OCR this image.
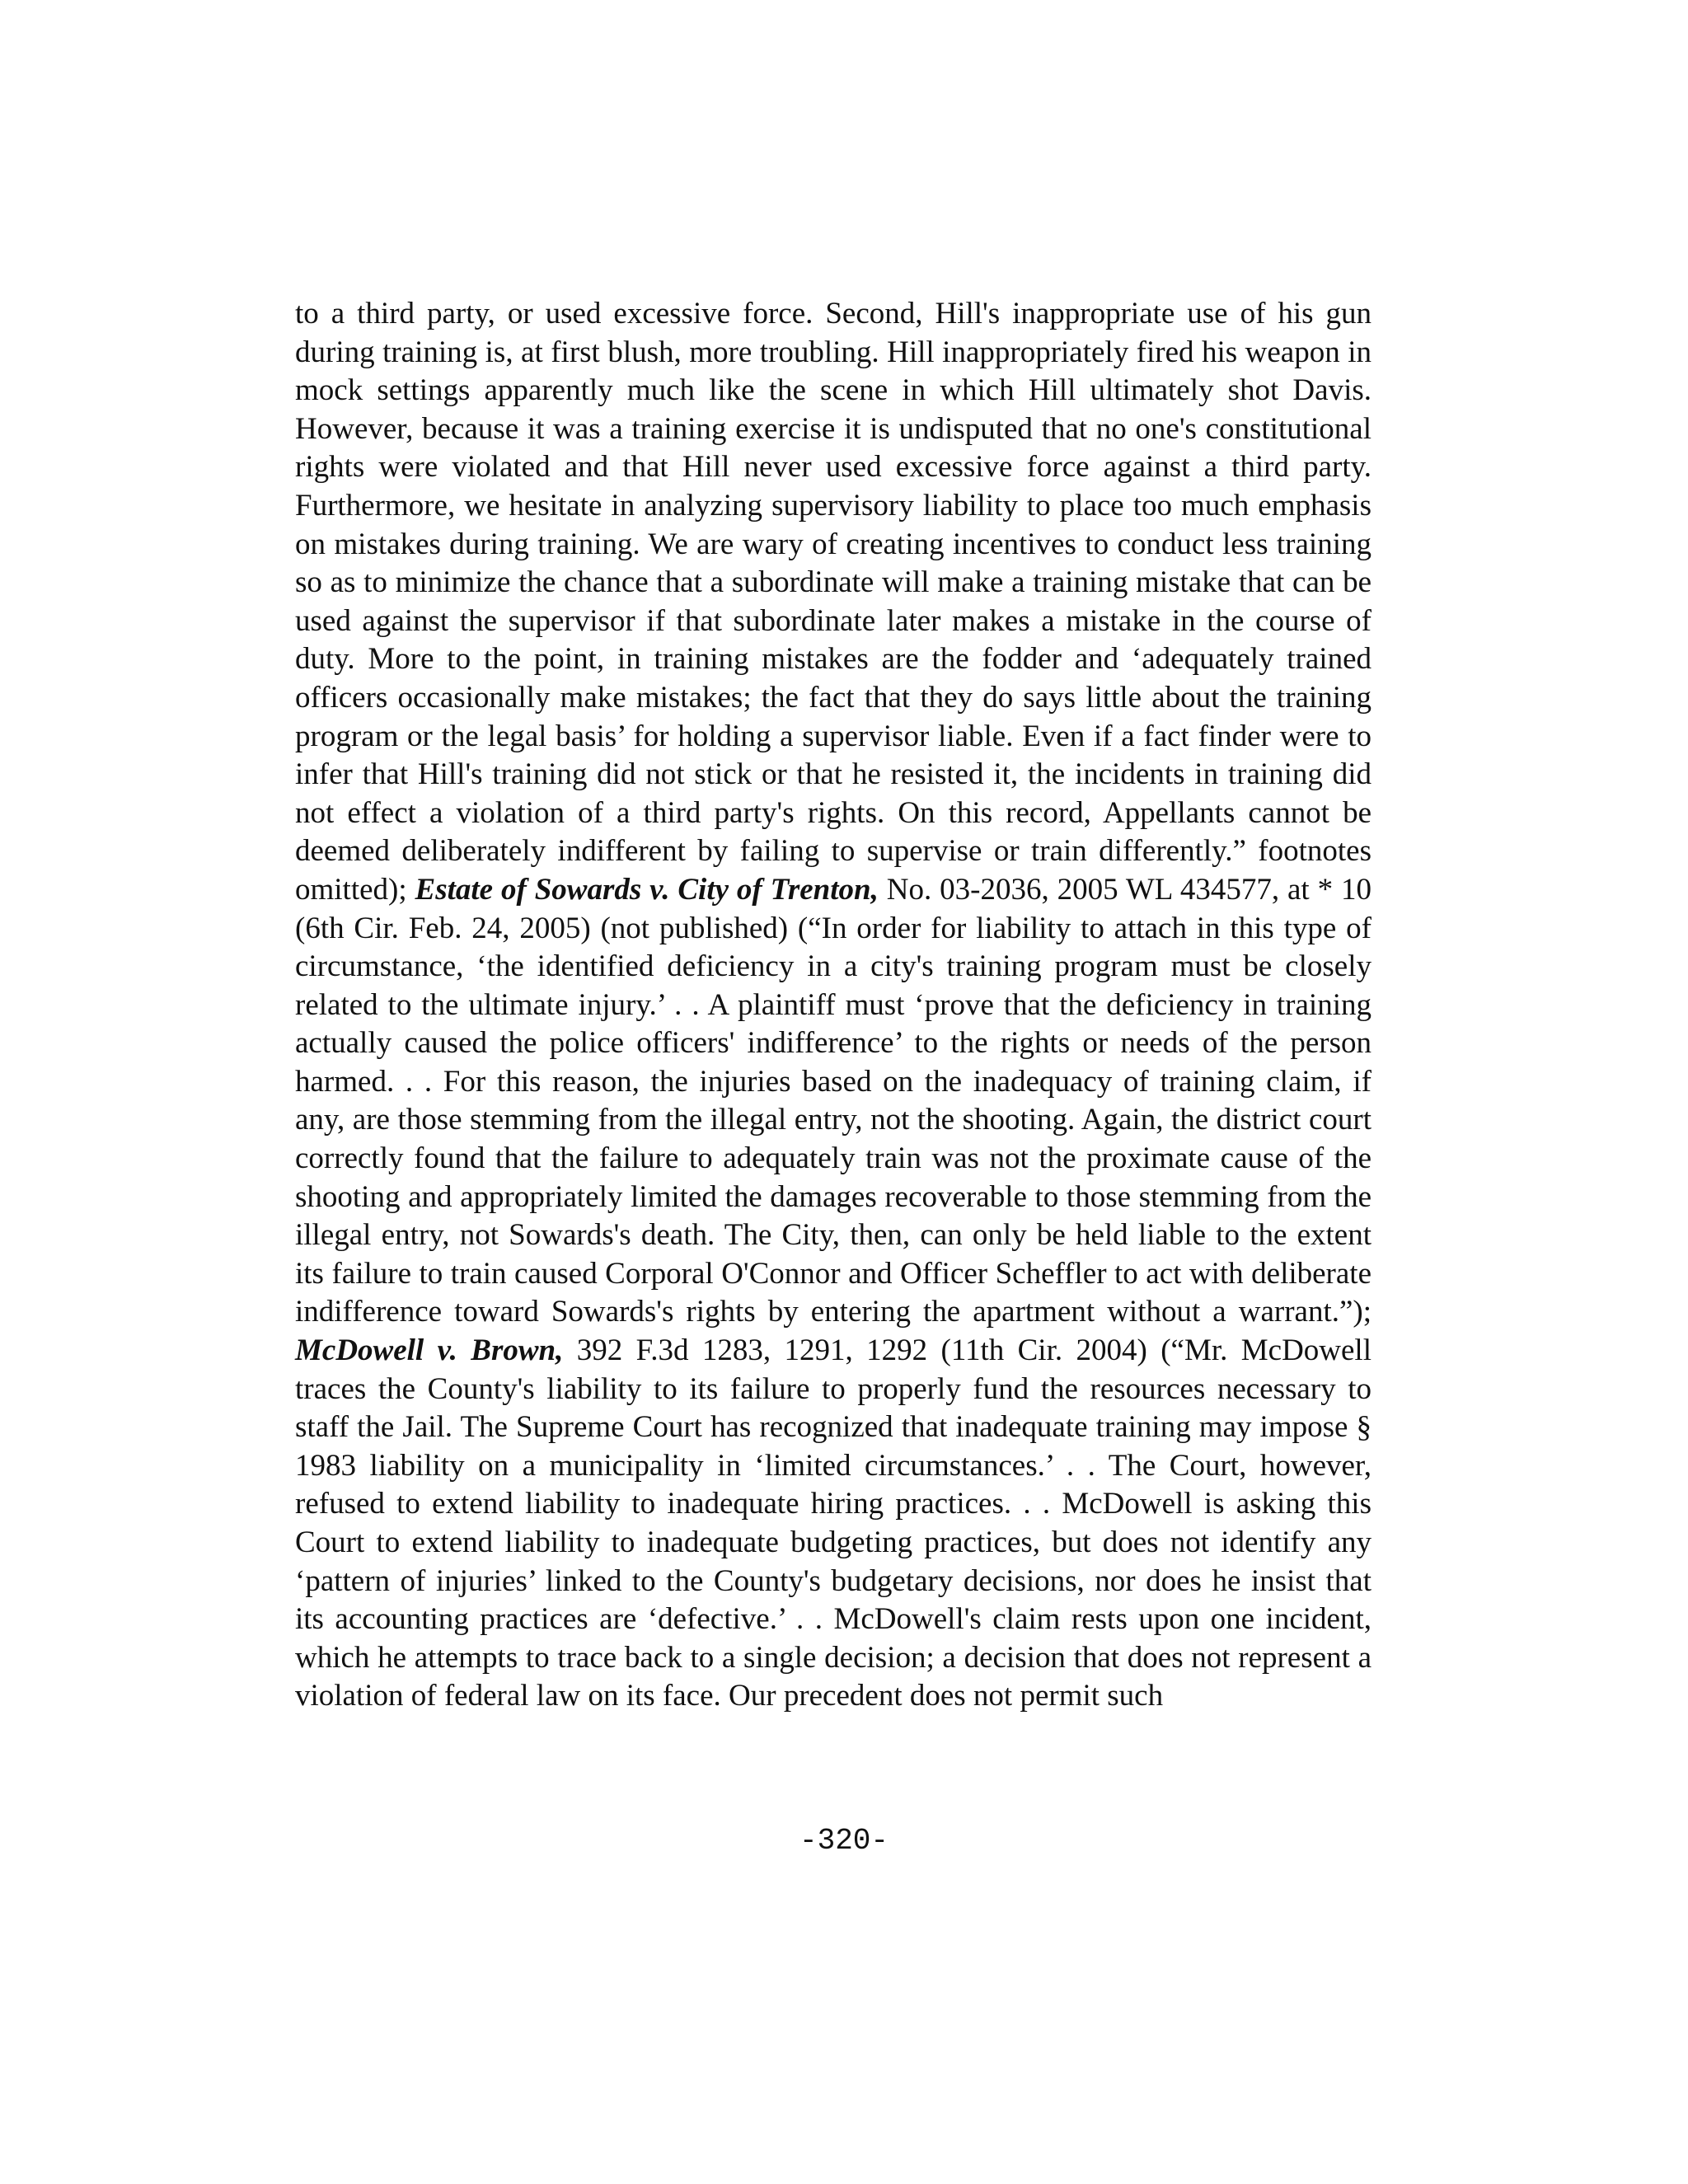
to a third party, or used excessive force. Second, Hill's inappropriate use of his gun during training is, at first blush, more troubling. Hill inappropriately fired his weapon in mock settings apparently much like the scene in which Hill ultimately shot Davis. However, because it was a training exercise it is undisputed that no one's constitutional rights were violated and that Hill never used excessive force against a third party. Furthermore, we hesitate in analyzing supervisory liability to place too much emphasis on mistakes during training. We are wary of creating incentives to conduct less training so as to minimize the chance that a subordinate will make a training mistake that can be used against the supervisor if that subordinate later makes a mistake in the course of duty. More to the point, in training mistakes are the fodder and ‘adequately trained officers occasionally make mistakes; the fact that they do says little about the training program or the legal basis’ for holding a supervisor liable. Even if a fact finder were to infer that Hill's training did not stick or that he resisted it, the incidents in training did not effect a violation of a third party's rights. On this record, Appellants cannot be deemed deliberately indifferent by failing to supervise or train differently.” footnotes omitted); Estate of Sowards v. City of Trenton, No. 03-2036, 2005 WL 434577, at * 10 (6th Cir. Feb. 24, 2005) (not published) (“In order for liability to attach in this type of circumstance, ‘the identified deficiency in a city's training program must be closely related to the ultimate injury.’ . . A plaintiff must ‘prove that the deficiency in training actually caused the police officers' indifference’ to the rights or needs of the person harmed. . . For this reason, the injuries based on the inadequacy of training claim, if any, are those stemming from the illegal entry, not the shooting. Again, the district court correctly found that the failure to adequately train was not the proximate cause of the shooting and appropriately limited the damages recoverable to those stemming from the illegal entry, not Sowards's death. The City, then, can only be held liable to the extent its failure to train caused Corporal O'Connor and Officer Scheffler to act with deliberate indifference toward Sowards's rights by entering the apartment without a warrant.”); McDowell v. Brown, 392 F.3d 1283, 1291, 1292 (11th Cir. 2004) (“Mr. McDowell traces the County's liability to its failure to properly fund the resources necessary to staff the Jail. The Supreme Court has recognized that inadequate training may impose § 1983 liability on a municipality in ‘limited circumstances.’ . . The Court, however, refused to extend liability to inadequate hiring practices. . . McDowell is asking this Court to extend liability to inadequate budgeting practices, but does not identify any ‘pattern of injuries’ linked to the County's budgetary decisions, nor does he insist that its accounting practices are ‘defective.’ . . McDowell's claim rests upon one incident, which he attempts to trace back to a single decision; a decision that does not represent a violation of federal law on its face. Our precedent does not permit such

-320-
